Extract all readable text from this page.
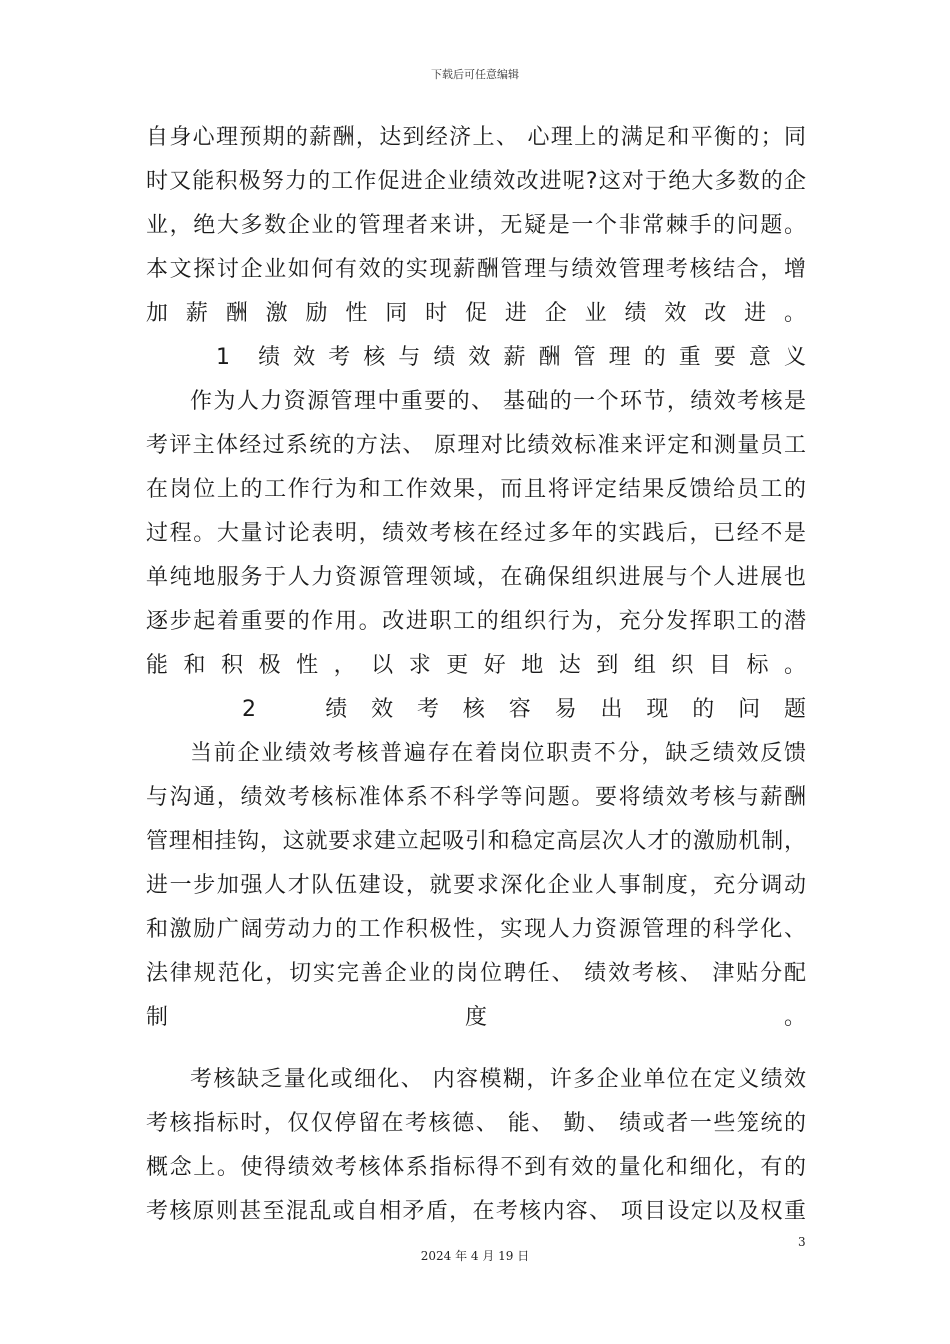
下载后可任意编辑
自身心理预期的薪酬，达到经济上、 心理上的满足和平衡的；同
时又能积极努力的工作促进企业绩效改进呢?这对于绝大多数的企
业，绝大多数企业的管理者来讲，无疑是一个非常棘手的问题。
本文探讨企业如何有效的实现薪酬管理与绩效管理考核结合，增
加 薪 酬 激 励 性 同 时 促 进 企 业 绩 效 改 进 。
1　绩 效 考 核 与 绩 效 薪 酬 管 理 的 重 要 意 义
作为人力资源管理中重要的、 基础的一个环节，绩效考核是
考评主体经过系统的方法、 原理对比绩效标准来评定和测量员工
在岗位上的工作行为和工作效果，而且将评定结果反馈给员工的
过程。大量讨论表明，绩效考核在经过多年的实践后，已经不是
单纯地服务于人力资源管理领域，在确保组织进展与个人进展也
逐步起着重要的作用。改进职工的组织行为，充分发挥职工的潜
能 和 积 极 性 ， 以 求 更 好 地 达 到 组 织 目 标 。
2　　绩 效 考 核 容 易 出 现 的 问 题
当前企业绩效考核普遍存在着岗位职责不分，缺乏绩效反馈
与沟通，绩效考核标准体系不科学等问题。要将绩效考核与薪酬
管理相挂钩，这就要求建立起吸引和稳定高层次人才的激励机制，
进一步加强人才队伍建设，就要求深化企业人事制度，充分调动
和激励广阔劳动力的工作积极性，实现人力资源管理的科学化、
法律规范化，切实完善企业的岗位聘任、 绩效考核、 津贴分配
制 度 。
考核缺乏量化或细化、 内容模糊，许多企业单位在定义绩效
考核指标时，仅仅停留在考核德、 能、 勤、 绩或者一些笼统的
概念上。使得绩效考核体系指标得不到有效的量化和细化，有的
考核原则甚至混乱或自相矛盾，在考核内容、 项目设定以及权重
3
2024 年 4 月 19 日
